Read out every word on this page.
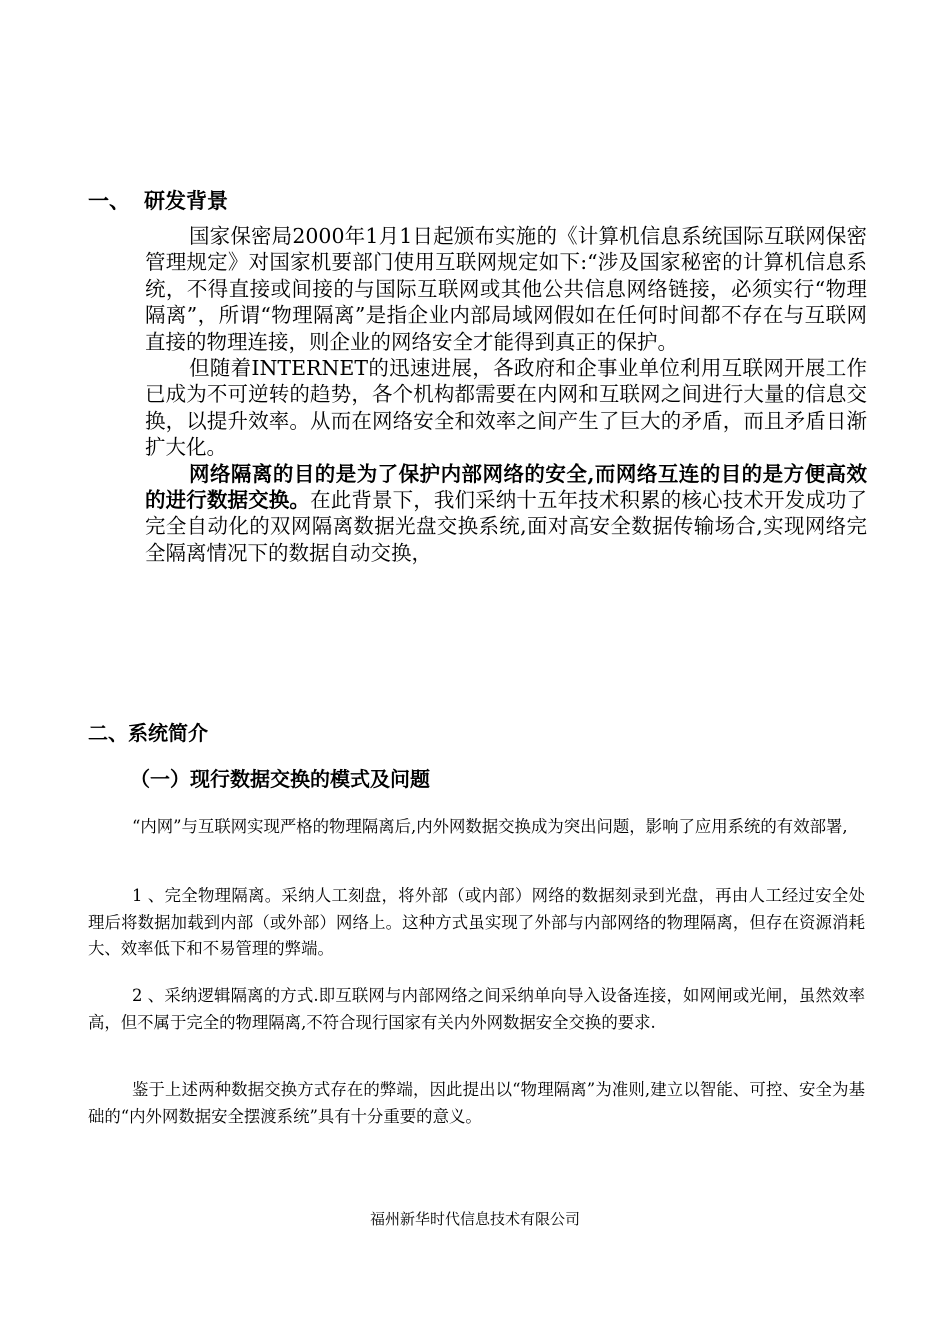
一、 研发背景

国家保密局2000年1月1日起颁布实施的《计算机信息系统国际互联网保密管理规定》对国家机要部门使用互联网规定如下:“涉及国家秘密的计算机信息系统，不得直接或间接的与国际互联网或其他公共信息网络链接，必须实行“物理隔离”，所谓“物理隔离”是指企业内部局域网假如在任何时间都不存在与互联网直接的物理连接，则企业的网络安全才能得到真正的保护。

但随着INTERNET的迅速进展，各政府和企事业单位利用互联网开展工作已成为不可逆转的趋势，各个机构都需要在内网和互联网之间进行大量的信息交换，以提升效率。从而在网络安全和效率之间产生了巨大的矛盾，而且矛盾日渐扩大化。

网络隔离的目的是为了保护内部网络的安全,而网络互连的目的是方便高效的进行数据交换。在此背景下，我们采纳十五年技术积累的核心技术开发成功了完全自动化的双网隔离数据光盘交换系统,面对高安全数据传输场合,实现网络完全隔离情况下的数据自动交换，

二、系统简介
（一）现行数据交换的模式及问题

“内网”与互联网实现严格的物理隔离后,内外网数据交换成为突出问题，影响了应用系统的有效部署,

1 、完全物理隔离。采纳人工刻盘，将外部（或内部）网络的数据刻录到光盘，再由人工经过安全处理后将数据加载到内部（或外部）网络上。这种方式虽实现了外部与内部网络的物理隔离，但存在资源消耗大、效率低下和不易管理的弊端。

2 、采纳逻辑隔离的方式.即互联网与内部网络之间采纳单向导入设备连接，如网闸或光闸，虽然效率高，但不属于完全的物理隔离,不符合现行国家有关内外网数据安全交换的要求.

鉴于上述两种数据交换方式存在的弊端，因此提出以“物理隔离”为准则,建立以智能、可控、安全为基础的“内外网数据安全摆渡系统”具有十分重要的意义。

福州新华时代信息技术有限公司
